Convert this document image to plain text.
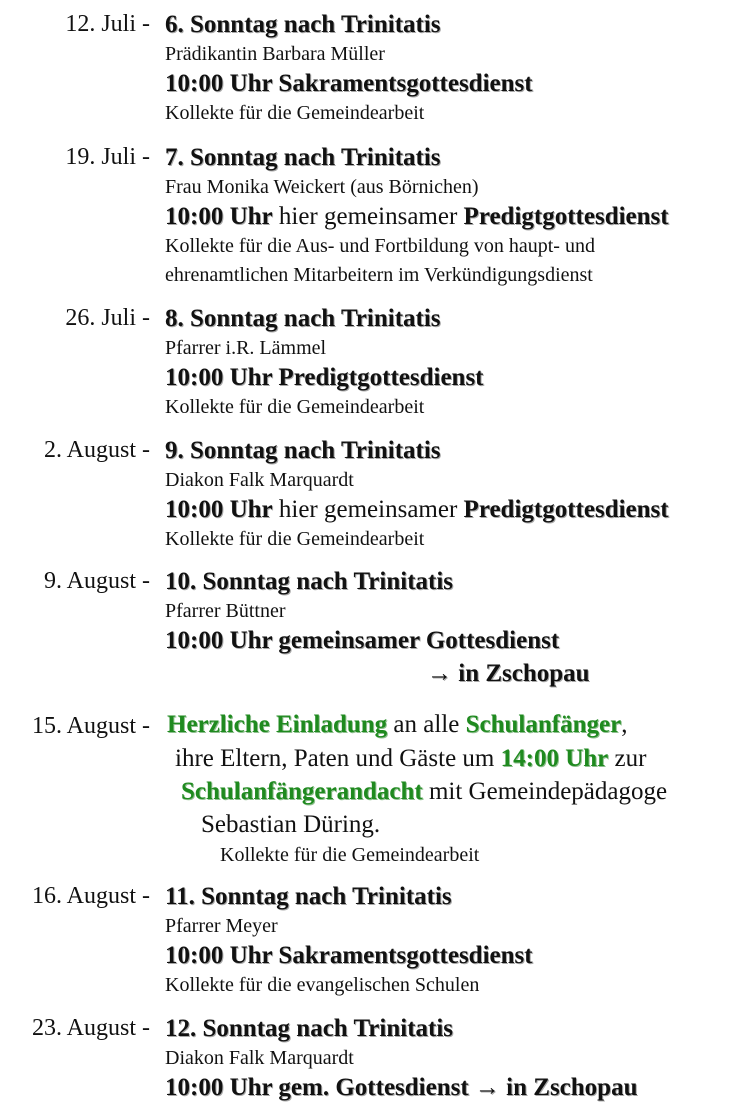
12. Juli - 6. Sonntag nach Trinitatis
Prädikantin Barbara Müller
10:00 Uhr Sakramentsgottesdienst
Kollekte für die Gemeindearbeit
19. Juli - 7. Sonntag nach Trinitatis
Frau Monika Weickert (aus Börnichen)
10:00 Uhr hier gemeinsamer Predigtgottesdienst
Kollekte für die Aus- und Fortbildung von haupt- und
ehrenamtlichen Mitarbeitern im Verkündigungsdienst
26. Juli - 8. Sonntag nach Trinitatis
Pfarrer i.R. Lämmel
10:00 Uhr Predigtgottesdienst
Kollekte für die Gemeindearbeit
2. August - 9. Sonntag nach Trinitatis
Diakon Falk Marquardt
10:00 Uhr hier gemeinsamer Predigtgottesdienst
Kollekte für die Gemeindearbeit
9. August - 10. Sonntag nach Trinitatis
Pfarrer Büttner
10:00 Uhr gemeinsamer Gottesdienst
→ in Zschopau
15. August - Herzliche Einladung an alle Schulanfänger,
ihre Eltern, Paten und Gäste um 14:00 Uhr zur
Schulanfängerandacht mit Gemeindepädagoge
Sebastian Düring.
Kollekte für die Gemeindearbeit
16. August - 11. Sonntag nach Trinitatis
Pfarrer Meyer
10:00 Uhr Sakramentsgottesdienst
Kollekte für die evangelischen Schulen
23. August - 12. Sonntag nach Trinitatis
Diakon Falk Marquardt
10:00 Uhr gem. Gottesdienst → in Zschopau
